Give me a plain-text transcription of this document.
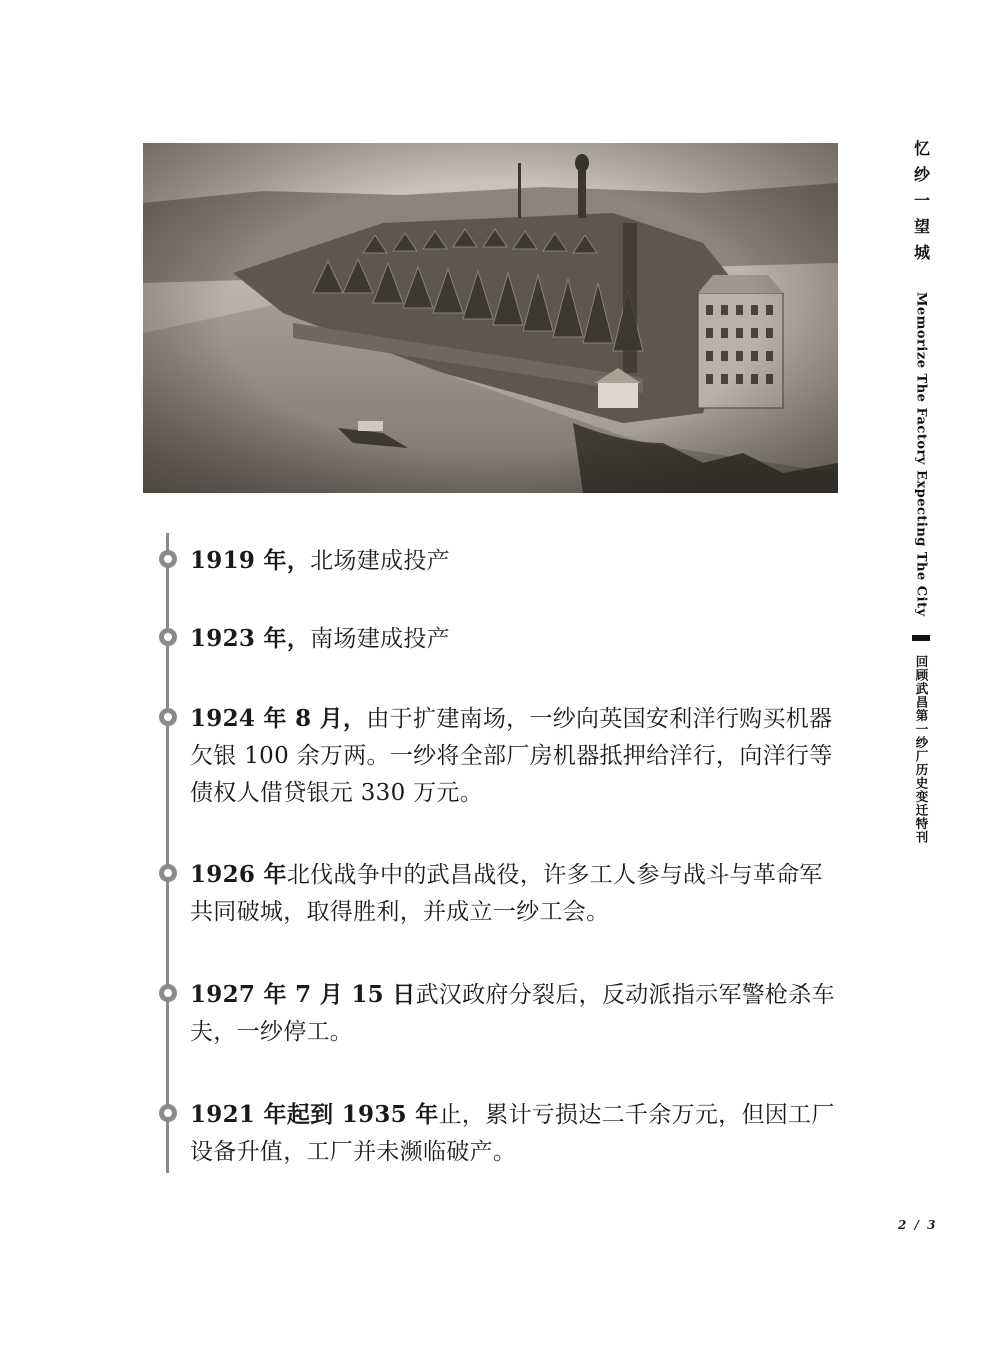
1919 年，北场建成投产

1923 年，南场建成投产

1924 年 8 月，由于扩建南场，一纱向英国安利洋行购买机器欠银 100 余万两。一纱将全部厂房机器抵押给洋行，向洋行等债权人借贷银元 330 万元。

1926 年北伐战争中的武昌战役，许多工人参与战斗与革命军共同破城，取得胜利，并成立一纱工会。

1927 年 7 月 15 日武汉政府分裂后，反动派指示军警枪杀车夫，一纱停工。

1921 年起到 1935 年止，累计亏损达二千余万元，但因工厂设备升值，工厂并未濒临破产。

忆纱一望城
Memorize The Factory Expecting The City
回顾武昌第一纱厂历史变迁特刊
2 / 3
